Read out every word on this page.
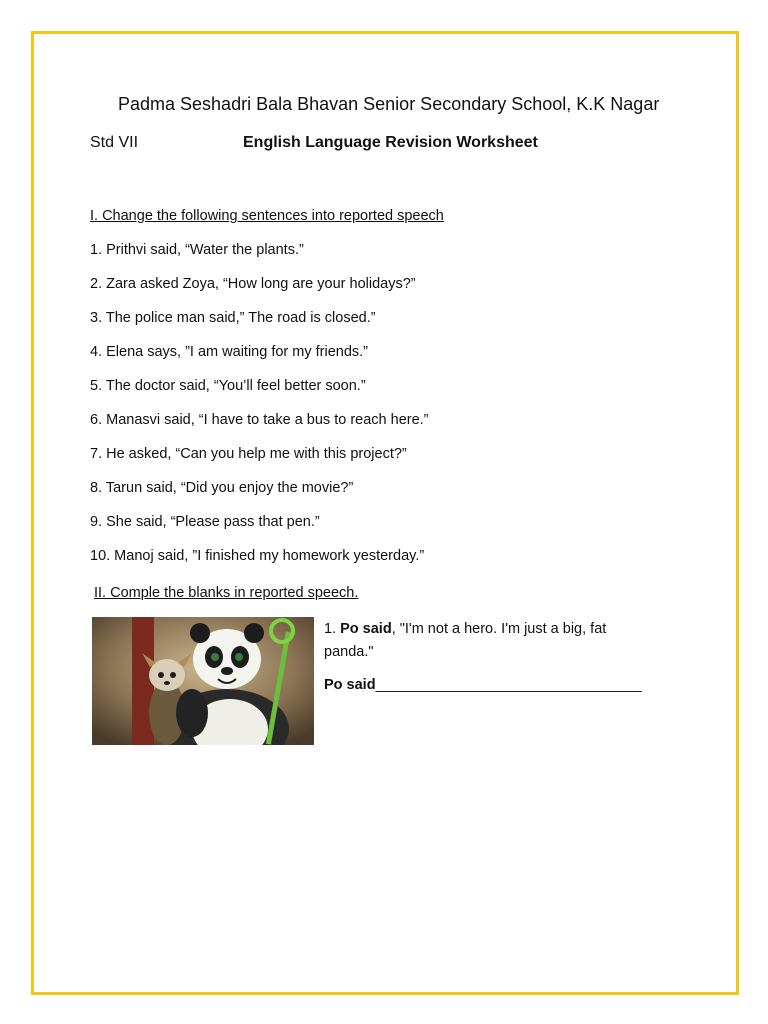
Padma Seshadri Bala Bhavan Senior Secondary School, K.K Nagar
Std VII	English Language Revision Worksheet
I. Change the following sentences into reported speech
1. Prithvi said, “Water the plants.”
2. Zara asked Zoya, “How long are your holidays?”
3. The police man said,” The road is closed.”
4. Elena says, ”I am waiting for my friends.”
5. The doctor said, “You’ll feel better soon.”
6. Manasvi said, “I have to take a bus to reach here.”
7. He asked, “Can you help me with this project?”
8. Tarun said, “Did you enjoy the movie?”
9. She said, “Please pass that pen.”
10. Manoj said, ”I finished my homework yesterday.”
II. Comple the blanks in reported speech.
1. Po said, "I'm not a hero. I'm just a big, fat panda."
Po said_________________________________
